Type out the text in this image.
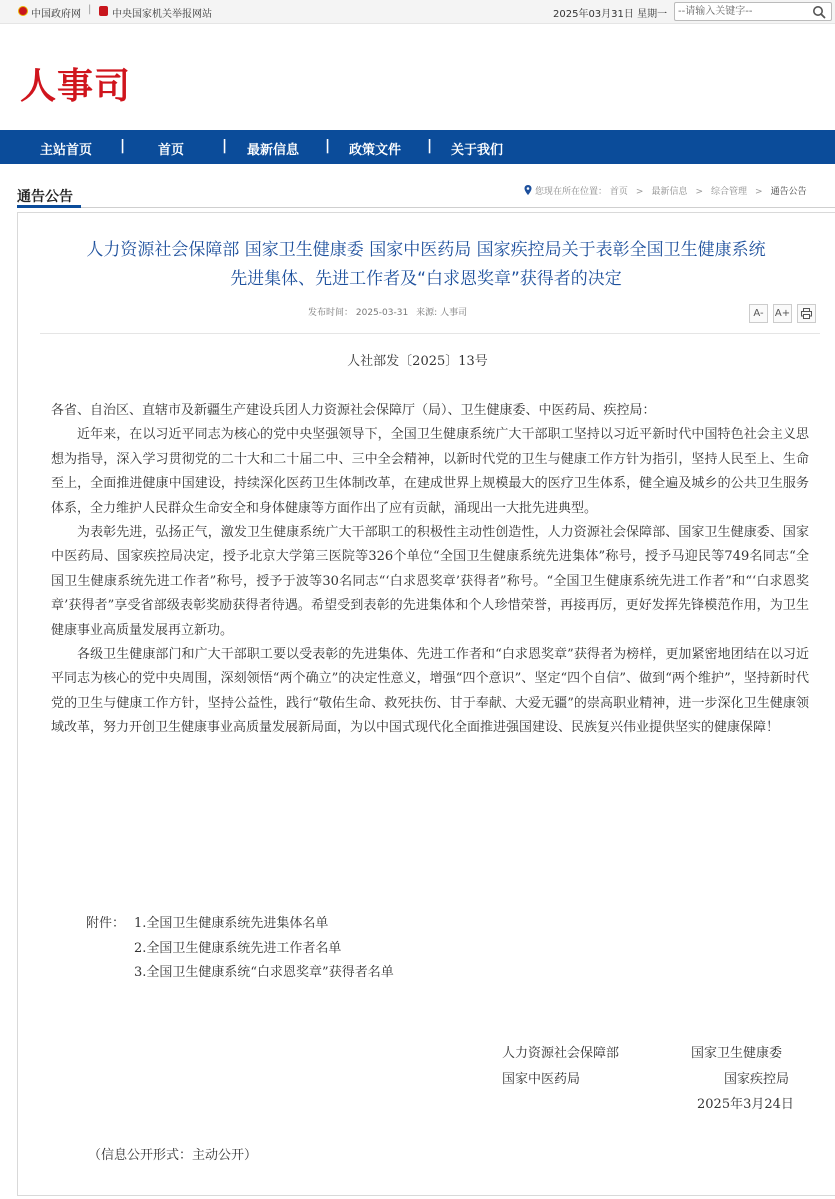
中国政府网 | 中央国家机关举报网站	2025年03月31日 星期一
--请输入关键字--
人事司
主站首页 |	首页	| 最新信息 | 政策文件 | 关于我们
通告公告	您现在所在位置： 首页 > 最新信息 > 综合管理 > 通告公告
人力资源社会保障部 国家卫生健康委 国家中医药局 国家疾控局关于表彰全国卫生健康系统
先进集体、先进工作者及“白求恩奖章”获得者的决定
发布时间： 2025-03-31 来源: 人事司	A-	A+
人社部发〔2025〕13号

各省、自治区、直辖市及新疆生产建设兵团人力资源社会保障厅（局）、卫生健康委、中医药局、疾控局：

近年来，在以习近平同志为核心的党中央坚强领导下，全国卫生健康系统广大干部职工坚持以习近平新时代中国特色社会主义思想为指导，深入学习贯彻党的二十大和二十届二中、三中全会精神，以新时代党的卫生与健康工作方针为指引，坚持人民至上、生命至上，全面推进健康中国建设，持续深化医药卫生体制改革，在建成世界上规模最大的医疗卫生体系，健全遍及城乡的公共卫生服务体系，全力维护人民群众生命安全和身体健康等方面作出了应有贡献，涌现出一大批先进典型。

为表彰先进，弘扬正气，激发卫生健康系统广大干部职工的积极性主动性创造性，人力资源社会保障部、国家卫生健康委、国家中医药局、国家疾控局决定，授予北京大学第三医院等326个单位“全国卫生健康系统先进集体”称号，授予马迎民等749名同志“全国卫生健康系统先进工作者”称号，授予于波等30名同志“‘白求恩奖章’获得者”称号。“全国卫生健康系统先进工作者”和“‘白求恩奖章’获得者”享受省部级表彰奖励获得者待遇。希望受到表彰的先进集体和个人珍惜荣誉，再接再厉，更好发挥先锋模范作用，为卫生健康事业高质量发展再立新功。

各级卫生健康部门和广大干部职工要以受表彰的先进集体、先进工作者和“白求恩奖章”获得者为榜样，更加紧密地团结在以习近平同志为核心的党中央周围，深刻领悟“两个确立”的决定性意义，增强“四个意识”、坚定“四个自信”、做到“两个维护”，坚持新时代党的卫生与健康工作方针，坚持公益性，践行“敬佑生命、救死扶伤、甘于奉献、大爱无疆”的崇高职业精神，进一步深化卫生健康领域改革，努力开创卫生健康事业高质量发展新局面，为以中国式现代化全面推进强国建设、民族复兴伟业提供坚实的健康保障！

附件： 1.全国卫生健康系统先进集体名单
2.全国卫生健康系统先进工作者名单
3.全国卫生健康系统“白求恩奖章”获得者名单
人力资源社会保障部	国家卫生健康委
国家中医药局	国家疾控局
2025年3月24日
（信息公开形式：主动公开）
